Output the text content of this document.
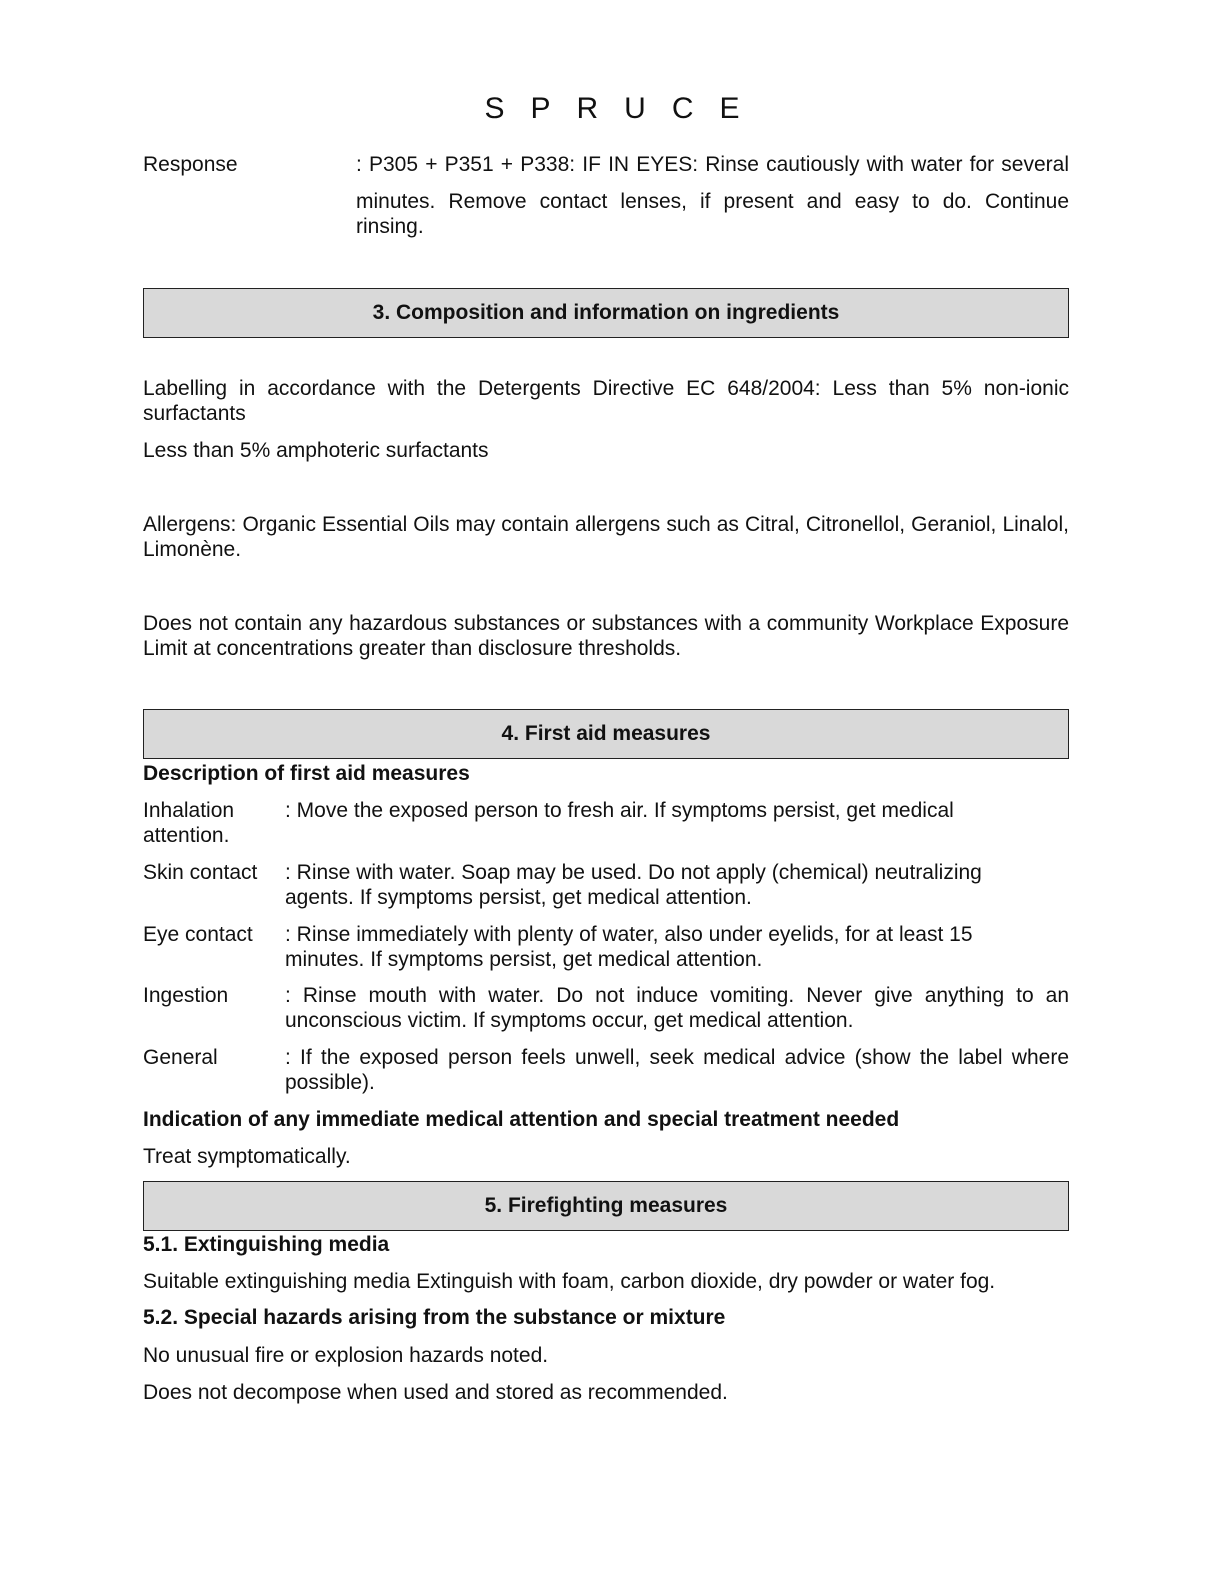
SPRUCE
Response	: P305 + P351 + P338: IF IN EYES: Rinse cautiously with water for several
minutes. Remove contact lenses, if present and easy to do. Continue rinsing.
3. Composition and information on ingredients
Labelling in accordance with the Detergents Directive EC 648/2004: Less than 5% non-ionic surfactants
Less than 5% amphoteric surfactants
Allergens: Organic Essential Oils may contain allergens such as Citral, Citronellol, Geraniol, Linalol, Limonène.
Does not contain any hazardous substances or substances with a community Workplace Exposure Limit at concentrations greater than disclosure thresholds.
4. First aid measures
Description of first aid measures
Inhalation : Move the exposed person to fresh air. If symptoms persist, get medical
attention.
Skin contact : Rinse with water. Soap may be used. Do not apply (chemical) neutralizing agents. If symptoms persist, get medical attention.
Eye contact : Rinse immediately with plenty of water, also under eyelids, for at least 15 minutes. If symptoms persist, get medical attention.
Ingestion	: Rinse mouth with water. Do not induce vomiting. Never give anything to an unconscious victim. If symptoms occur, get medical attention.
General	: If the exposed person feels unwell, seek medical advice (show the label where possible).
Indication of any immediate medical attention and special treatment needed
Treat symptomatically.
5. Firefighting measures
5.1. Extinguishing media
Suitable extinguishing media Extinguish with foam, carbon dioxide, dry powder or water fog.
5.2. Special hazards arising from the substance or mixture
No unusual fire or explosion hazards noted.
Does not decompose when used and stored as recommended.
